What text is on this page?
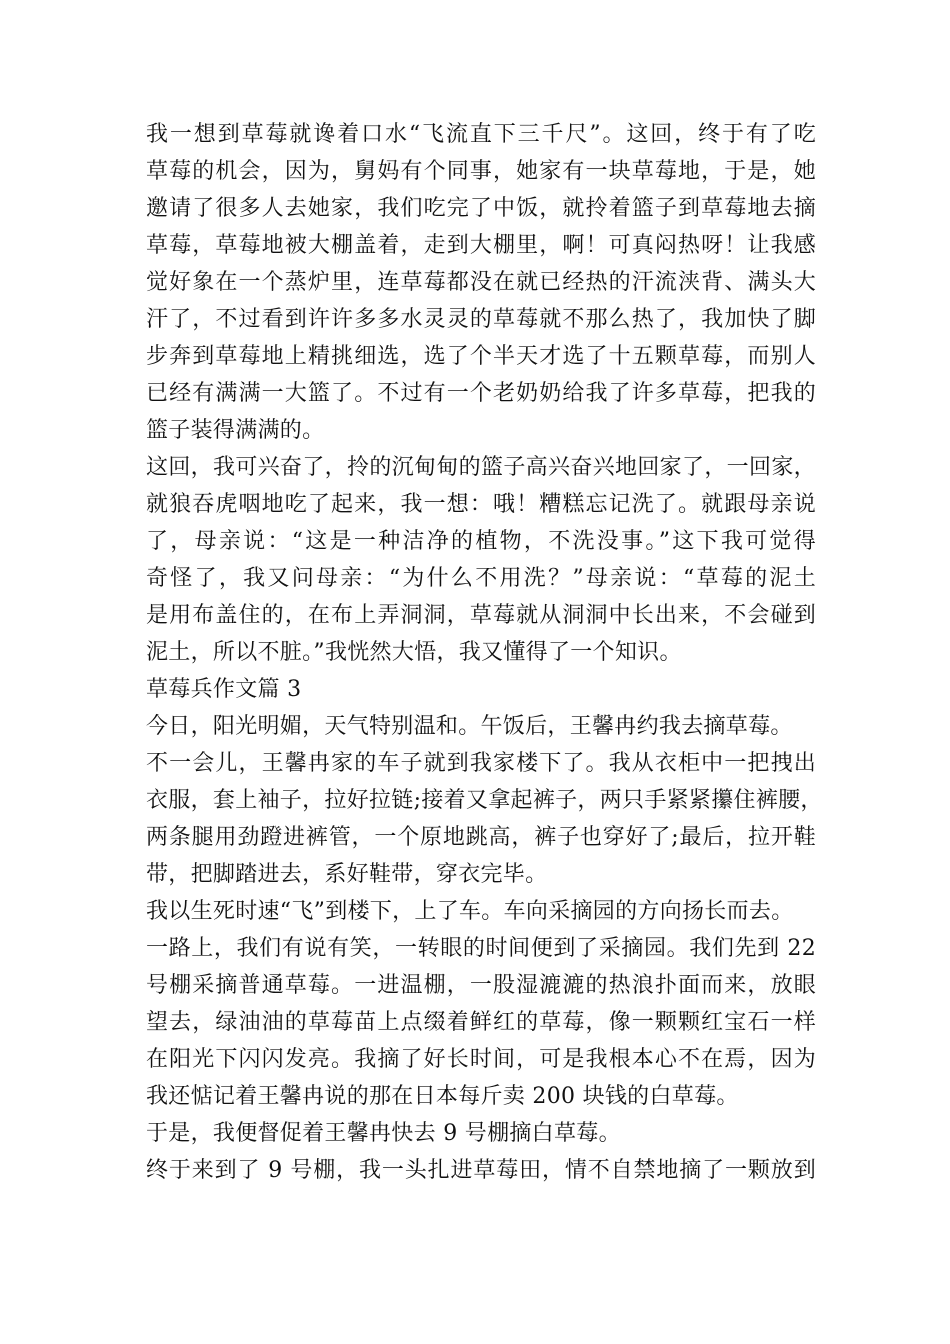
我一想到草莓就谗着口水“飞流直下三千尺”。这回，终于有了吃
草莓的机会，因为，舅妈有个同事，她家有一块草莓地，于是，她
邀请了很多人去她家，我们吃完了中饭，就拎着篮子到草莓地去摘
草莓，草莓地被大棚盖着，走到大棚里，啊！可真闷热呀！让我感
觉好象在一个蒸炉里，连草莓都没在就已经热的汗流浃背、满头大
汗了，不过看到许许多多水灵灵的草莓就不那么热了，我加快了脚
步奔到草莓地上精挑细选，选了个半天才选了十五颗草莓，而别人
已经有满满一大篮了。不过有一个老奶奶给我了许多草莓，把我的
篮子装得满满的。
这回，我可兴奋了，拎的沉甸甸的篮子高兴奋兴地回家了，一回家，
就狼吞虎咽地吃了起来，我一想：哦！糟糕忘记洗了。就跟母亲说
了，母亲说：“这是一种洁净的植物，不洗没事。”这下我可觉得
奇怪了，我又问母亲：“为什么不用洗？”母亲说：“草莓的泥土
是用布盖住的，在布上弄洞洞，草莓就从洞洞中长出来，不会碰到
泥土，所以不脏。”我恍然大悟，我又懂得了一个知识。
草莓兵作文篇 3
今日，阳光明媚，天气特别温和。午饭后，王馨冉约我去摘草莓。
不一会儿，王馨冉家的车子就到我家楼下了。我从衣柜中一把拽出
衣服，套上袖子，拉好拉链;接着又拿起裤子，两只手紧紧攥住裤腰，
两条腿用劲蹬进裤管，一个原地跳高，裤子也穿好了;最后，拉开鞋
带，把脚踏进去，系好鞋带，穿衣完毕。
我以生死时速“飞”到楼下，上了车。车向采摘园的方向扬长而去。
一路上，我们有说有笑，一转眼的时间便到了采摘园。我们先到 22
号棚采摘普通草莓。一进温棚，一股湿漉漉的热浪扑面而来，放眼
望去，绿油油的草莓苗上点缀着鲜红的草莓，像一颗颗红宝石一样
在阳光下闪闪发亮。我摘了好长时间，可是我根本心不在焉，因为
我还惦记着王馨冉说的那在日本每斤卖 200 块钱的白草莓。
于是，我便督促着王馨冉快去 9 号棚摘白草莓。
终于来到了 9 号棚，我一头扎进草莓田，情不自禁地摘了一颗放到
